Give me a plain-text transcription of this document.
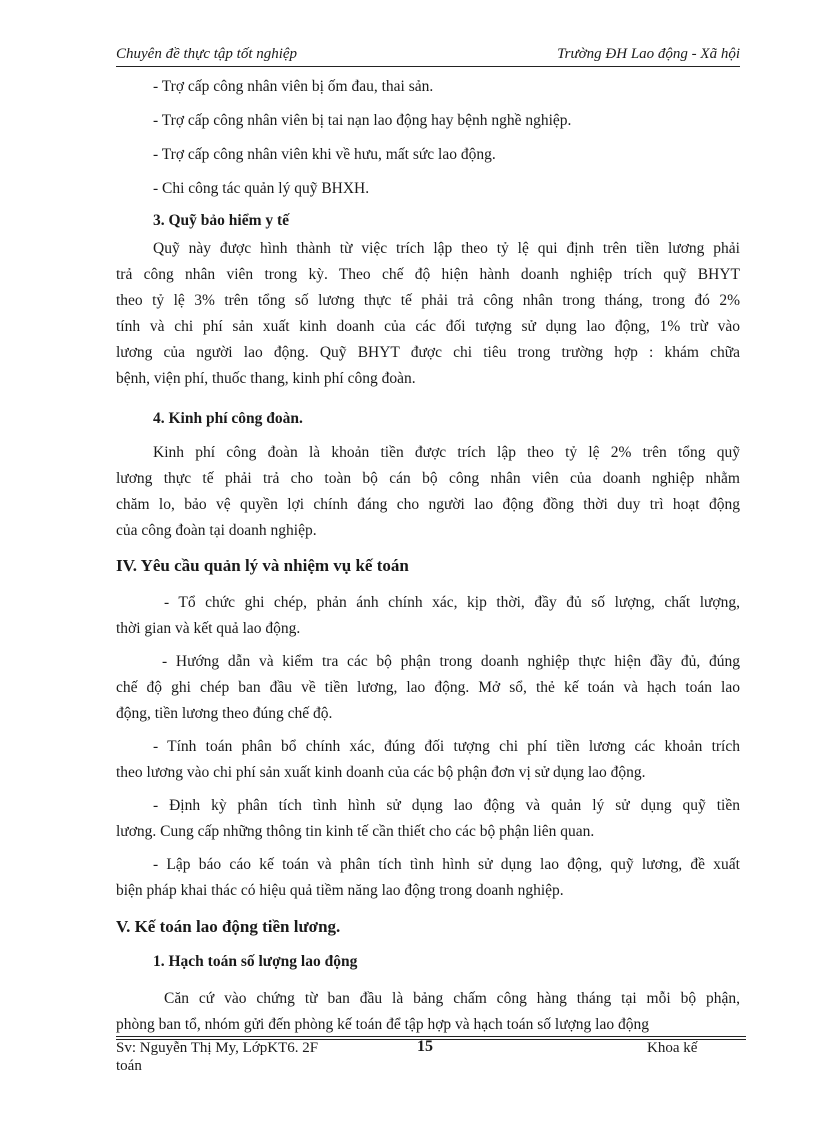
Chuyên đề thực tập tốt nghiệp	Trường ĐH Lao động - Xã hội

- Trợ cấp công nhân viên bị ốm đau, thai sản.

- Trợ cấp công nhân viên bị tai nạn lao động hay bệnh nghề nghiệp.

- Trợ cấp công nhân viên khi về hưu, mất sức lao động.

- Chi công tác quản lý quỹ BHXH.

3. Quỹ bảo hiểm y tế
Quỹ này được hình thành từ việc trích lập theo tỷ lệ qui định trên tiền lương phải
trả công nhân viên trong kỳ. Theo chế độ hiện hành doanh nghiệp trích quỹ BHYT
theo tỷ lệ 3% trên tổng số lương thực tế phải trả công nhân trong tháng, trong đó 2%
tính và chi phí sản xuất kinh doanh của các đối tượng sử dụng lao động, 1% trừ vào
lương của người lao động. Quỹ BHYT được chi tiêu trong trường hợp : khám chữa
bệnh, viện phí, thuốc thang, kinh phí công đoàn.
4. Kinh phí công đoàn.
Kinh phí công đoàn là khoản tiền được trích lập theo tỷ lệ 2% trên tổng quỹ
lương thực tế phải trả cho toàn bộ cán bộ công nhân viên của doanh nghiệp nhằm
chăm lo, bảo vệ quyền lợi chính đáng cho người lao động đồng thời duy trì hoạt động
của công đoàn tại doanh nghiệp.
IV. Yêu cầu quản lý và nhiệm vụ kế toán
- Tổ chức ghi chép, phản ánh chính xác, kịp thời, đầy đủ số lượng, chất lượng,
thời gian và kết quả lao động.
- Hướng dẫn và kiểm tra các bộ phận trong doanh nghiệp thực hiện đầy đủ, đúng
chế độ ghi chép ban đầu về tiền lương, lao động. Mở sổ, thẻ kế toán và hạch toán lao
động, tiền lương theo đúng chế độ.
- Tính toán phân bổ chính xác, đúng đối tượng chi phí tiền lương các khoản trích
theo lương vào chi phí sản xuất kinh doanh của các bộ phận đơn vị sử dụng lao động.
- Định kỳ phân tích tình hình sử dụng lao động và quản lý sử dụng quỹ tiền
lương. Cung cấp những thông tin kinh tế cần thiết cho các bộ phận liên quan.
- Lập báo cáo kế toán và phân tích tình hình sử dụng lao động, quỹ lương, đề xuất
biện pháp khai thác có hiệu quả tiềm năng lao động trong doanh nghiệp.
V. Kế toán lao động tiền lương.
1. Hạch toán số lượng lao động
Căn cứ vào chứng từ ban đầu là bảng chấm công hàng tháng tại mỗi bộ phận,
phòng ban tổ, nhóm gửi đến phòng kế toán để tập hợp và hạch toán số lượng lao động
Sv: Nguyễn Thị My, LớpKT6. 2F
toán
15	Khoa kế
